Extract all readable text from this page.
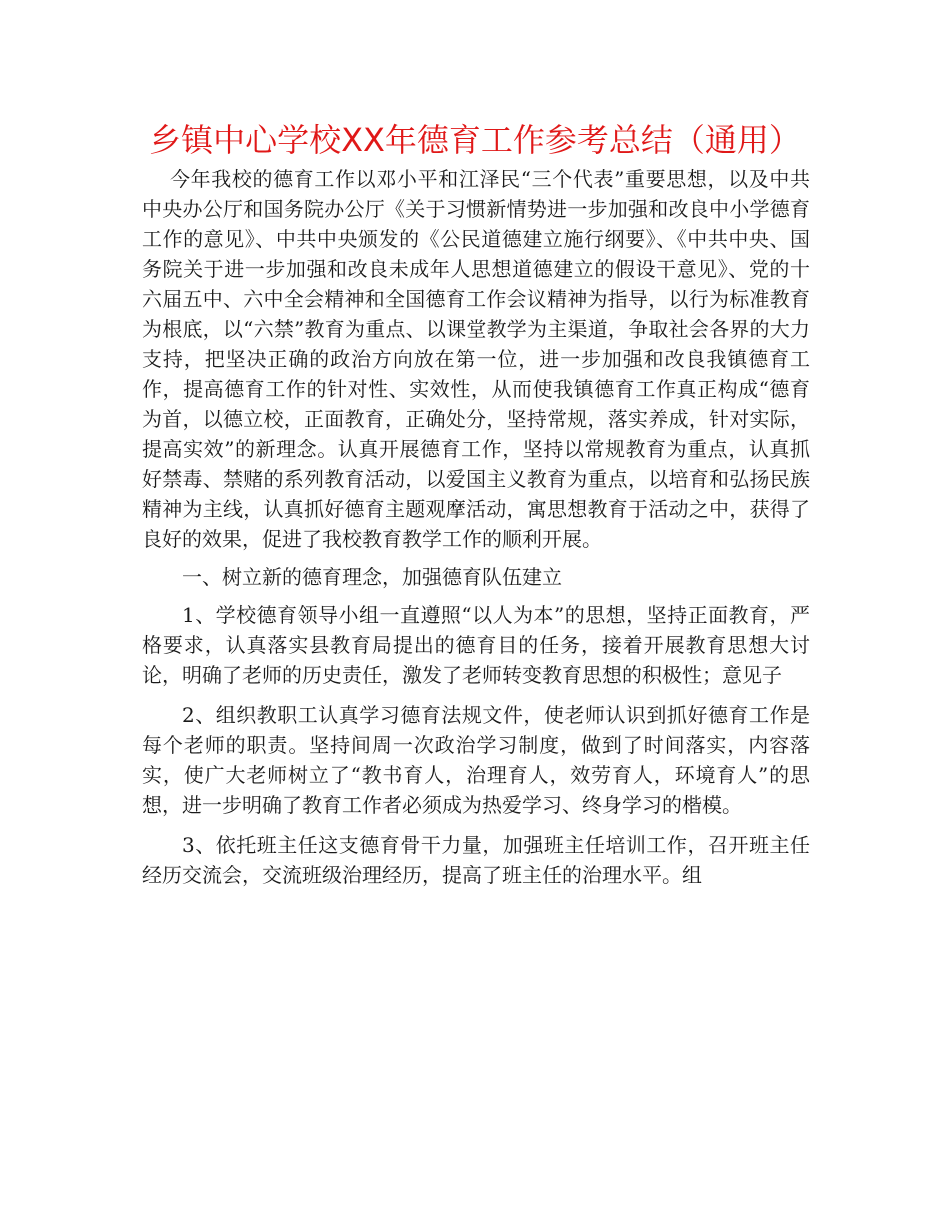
乡镇中心学校XX年德育工作参考总结（通用）

今年我校的德育工作以邓小平和江泽民“三个代表”重要思想，以及中共中央办公厅和国务院办公厅《关于习惯新情势进一步加强和改良中小学德育工作的意见》、中共中央颁发的《公民道德建立施行纲要》、《中共中央、国务院关于进一步加强和改良未成年人思想道德建立的假设干意见》、党的十六届五中、六中全会精神和全国德育工作会议精神为指导，以行为标准教育为根底，以“六禁”教育为重点、以课堂教学为主渠道，争取社会各界的大力支持，把坚决正确的政治方向放在第一位，进一步加强和改良我镇德育工作，提高德育工作的针对性、实效性，从而使我镇德育工作真正构成“德育为首，以德立校，正面教育，正确处分，坚持常规，落实养成，针对实际，提高实效”的新理念。认真开展德育工作，坚持以常规教育为重点，认真抓好禁毒、禁赌的系列教育活动，以爱国主义教育为重点，以培育和弘扬民族精神为主线，认真抓好德育主题观摩活动，寓思想教育于活动之中，获得了良好的效果，促进了我校教育教学工作的顺利开展。

一、树立新的德育理念，加强德育队伍建立

1、学校德育领导小组一直遵照“以人为本”的思想，坚持正面教育，严格要求，认真落实县教育局提出的德育目的任务，接着开展教育思想大讨论，明确了老师的历史责任，激发了老师转变教育思想的积极性；意见子

2、组织教职工认真学习德育法规文件，使老师认识到抓好德育工作是每个老师的职责。坚持间周一次政治学习制度，做到了时间落实，内容落实，使广大老师树立了“教书育人，治理育人，效劳育人，环境育人”的思想，进一步明确了教育工作者必须成为热爱学习、终身学习的楷模。

3、依托班主任这支德育骨干力量，加强班主任培训工作，召开班主任经历交流会，交流班级治理经历，提高了班主任的治理水平。组
